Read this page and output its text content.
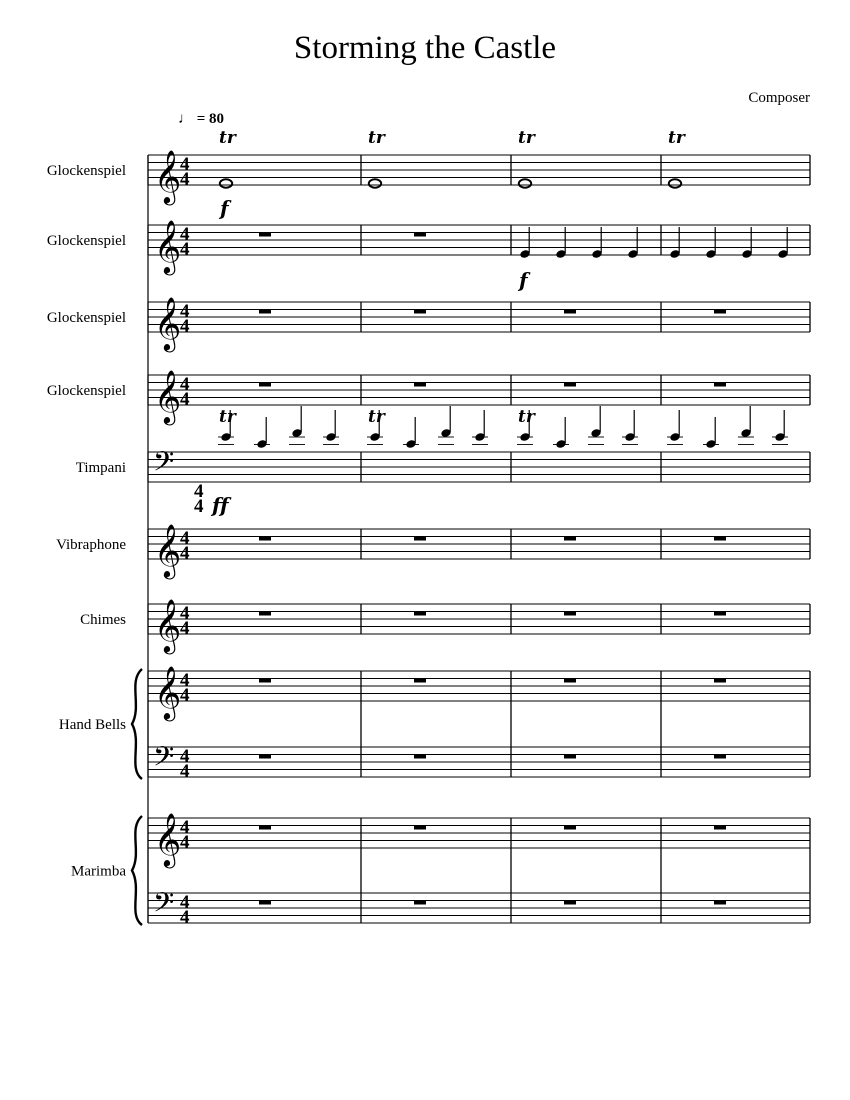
Storming the Castle
Composer
♩ = 80
Glockenspiel 𝄞
4
4
tr	tr	tr	tr
f
Glockenspiel 𝄞
4
4
f
Glockenspiel 𝄞
4
4
Glockenspiel 𝄞
4
4
Timpani 𝄢
4
4
tr	tr	tr
ff
Vibraphone 𝄞
4
4
Chimes 𝄞
4
4
Hand Bells
𝄞
4
4
𝄢 4
4
Marimba
𝄞
4
4
𝄢 4
4
